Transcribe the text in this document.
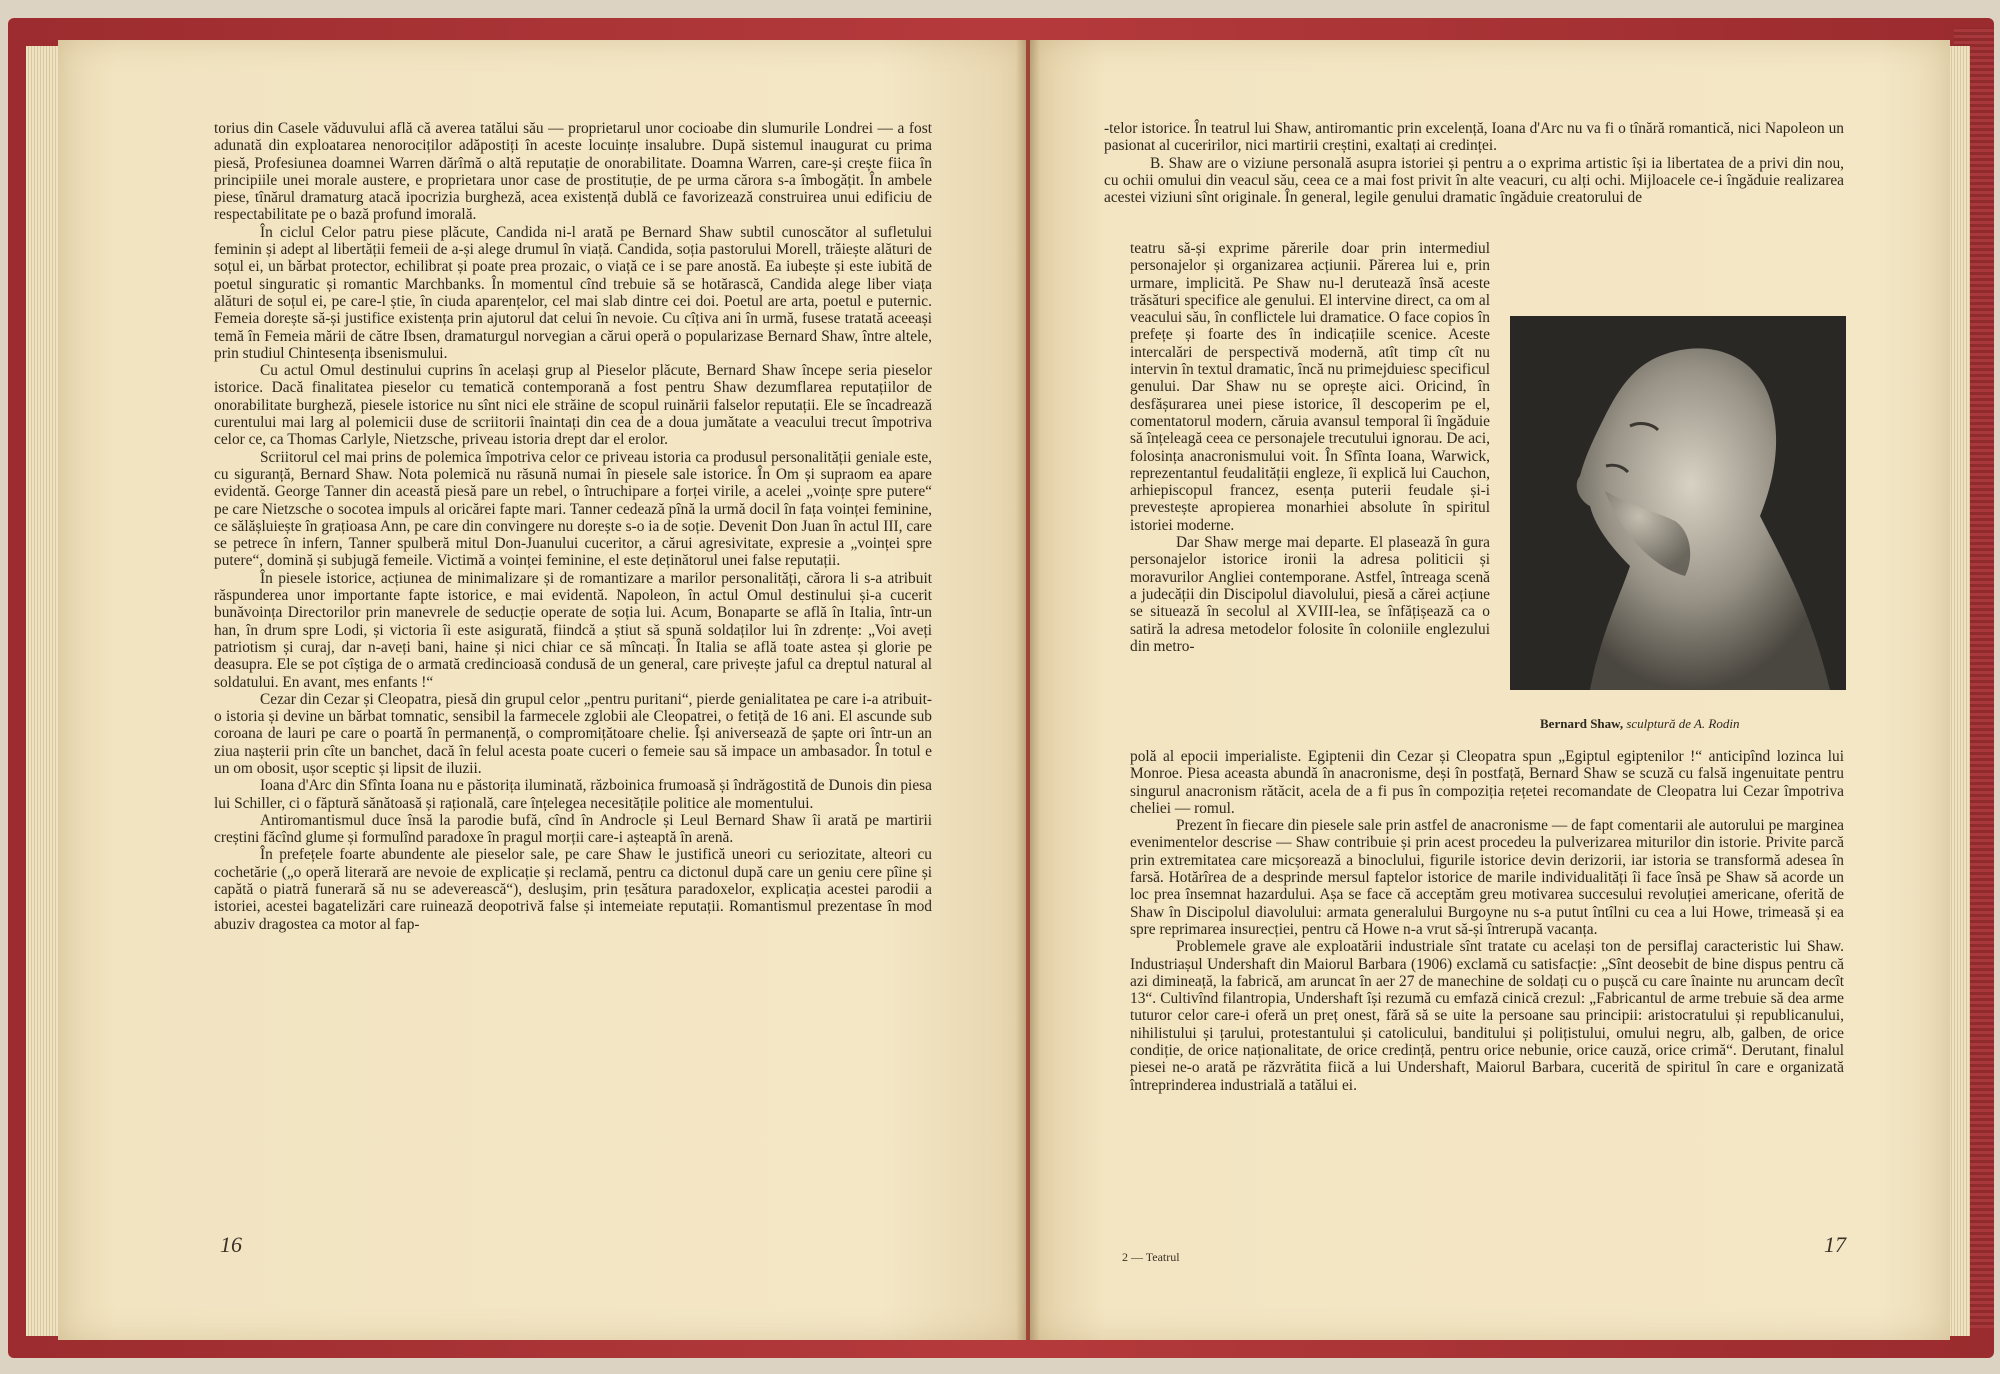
torius din Casele văduvului află că averea tatălui său — proprietarul unor cocioabe din slumurile Londrei — a fost adunată din exploatarea nenorociților adăpostiți în aceste locuințe insalubre. După sistemul inaugurat cu prima piesă, Profesiunea doamnei Warren dărîmă o altă reputație de onorabilitate. Doamna Warren, care-și crește fiica în principiile unei morale austere, e proprietara unor case de prostituție, de pe urma cărora s-a îmbogățit. În ambele piese, tînărul dramaturg atacă ipocrizia burgheză, acea existență dublă ce favorizează construirea unui edificiu de respectabilitate pe o bază profund imorală.

În ciclul Celor patru piese plăcute, Candida ni-l arată pe Bernard Shaw subtil cunoscător al sufletului feminin și adept al libertății femeii de a-și alege drumul în viață. Candida, soția pastorului Morell, trăiește alături de soțul ei, un bărbat protector, echilibrat și poate prea prozaic, o viață ce i se pare anostă. Ea iubește și este iubită de poetul singuratic și romantic Marchbanks. În momentul cînd trebuie să se hotărască, Candida alege liber viața alături de soțul ei, pe care-l știe, în ciuda aparențelor, cel mai slab dintre cei doi. Poetul are arta, poetul e puternic. Femeia dorește să-și justifice existența prin ajutorul dat celui în nevoie. Cu cîțiva ani în urmă, fusese tratată aceeași temă în Femeia mării de către Ibsen, dramaturgul norvegian a cărui operă o popularizase Bernard Shaw, între altele, prin studiul Chintesența ibsenismului.

Cu actul Omul destinului cuprins în același grup al Pieselor plăcute, Bernard Shaw începe seria pieselor istorice. Dacă finalitatea pieselor cu tematică contemporană a fost pentru Shaw dezumflarea reputațiilor de onorabilitate burgheză, piesele istorice nu sînt nici ele străine de scopul ruinării falselor reputații. Ele se încadrează curentului mai larg al polemicii duse de scriitorii înaintați din cea de a doua jumătate a veacului trecut împotriva celor ce, ca Thomas Carlyle, Nietzsche, priveau istoria drept dar el erolor.

Scriitorul cel mai prins de polemica împotriva celor ce priveau istoria ca produsul personalității geniale este, cu siguranță, Bernard Shaw. Nota polemică nu răsună numai în piesele sale istorice. În Om și supraom ea apare evidentă. George Tanner din această piesă pare un rebel, o întruchipare a forței virile, a acelei „voințe spre putere“ pe care Nietzsche o socotea impuls al oricărei fapte mari. Tanner cedează pînă la urmă docil în fața voinței feminine, ce sălășluiește în grațioasa Ann, pe care din convingere nu dorește s-o ia de soție. Devenit Don Juan în actul III, care se petrece în infern, Tanner spulberă mitul Don-Juanului cuceritor, a cărui agresivitate, expresie a „voinței spre putere“, domină și subjugă femeile. Victimă a voinței feminine, el este deținătorul unei false reputații.

În piesele istorice, acțiunea de minimalizare și de romantizare a marilor personalități, cărora li s-a atribuit răspunderea unor importante fapte istorice, e mai evidentă. Napoleon, în actul Omul destinului și-a cucerit bunăvoința Directorilor prin manevrele de seducție operate de soția lui. Acum, Bonaparte se află în Italia, într-un han, în drum spre Lodi, și victoria îi este asigurată, fiindcă a știut să spună soldaților lui în zdrențe: „Voi aveți patriotism și curaj, dar n-aveți bani, haine și nici chiar ce să mîncați. În Italia se află toate astea și glorie pe deasupra. Ele se pot cîștiga de o armată credincioasă condusă de un general, care privește jaful ca dreptul natural al soldatului. En avant, mes enfants !“

Cezar din Cezar și Cleopatra, piesă din grupul celor „pentru puritani“, pierde genialitatea pe care i-a atribuit-o istoria și devine un bărbat tomnatic, sensibil la farmecele zglobii ale Cleopatrei, o fetiță de 16 ani. El ascunde sub coroana de lauri pe care o poartă în permanență, o compromițătoare chelie. Își aniversează de șapte ori într-un an ziua nașterii prin cîte un banchet, dacă în felul acesta poate cuceri o femeie sau să impace un ambasador. În totul e un om obosit, ușor sceptic și lipsit de iluzii.

Ioana d'Arc din Sfînta Ioana nu e păstorița iluminată, războinica frumoasă și îndrăgostită de Dunois din piesa lui Schiller, ci o făptură sănătoasă și rațională, care înțelegea necesitățile politice ale momentului.

Antiromantismul duce însă la parodie bufă, cînd în Androcle și Leul Bernard Shaw îi arată pe martirii creștini făcînd glume și formulînd paradoxe în pragul morții care-i așteaptă în arenă.

În prefețele foarte abundente ale pieselor sale, pe care Shaw le justifică uneori cu seriozitate, alteori cu cochetărie („o operă literară are nevoie de explicație și reclamă, pentru ca dictonul după care un geniu cere pîine și capătă o piatră funerară să nu se adeverească“), desluşim, prin țesătura paradoxelor, explicația acestei parodii a istoriei, acestei bagatelizări care ruinează deopotrivă false și intemeiate reputații. Romantismul prezentase în mod abuziv dragostea ca motor al fap-

16

-telor istorice. În teatrul lui Shaw, antiromantic prin excelență, Ioana d'Arc nu va fi o tînără romantică, nici Napoleon un pasionat al cuceririlor, nici martirii creștini, exaltați ai credinței.

B. Shaw are o viziune personală asupra istoriei și pentru a o exprima artistic își ia libertatea de a privi din nou, cu ochii omului din veacul său, ceea ce a mai fost privit în alte veacuri, cu alți ochi. Mijloacele ce-i îngăduie realizarea acestei viziuni sînt originale. În general, legile genului dramatic îngăduie creatorului de

teatru să-și exprime părerile doar prin intermediul personajelor și organizarea acțiunii. Părerea lui e, prin urmare, implicită. Pe Shaw nu-l derutează însă aceste trăsături specifice ale genului. El intervine direct, ca om al veacului său, în conflictele lui dramatice. O face copios în prefețe și foarte des în indicațiile scenice. Aceste intercalări de perspectivă modernă, atît timp cît nu intervin în textul dramatic, încă nu primejduiesc specificul genului. Dar Shaw nu se oprește aici. Oricind, în desfășurarea unei piese istorice, îl descoperim pe el, comentatorul modern, căruia avansul temporal îi îngăduie să înțeleagă ceea ce personajele trecutului ignorau. De aci, folosința anacronismului voit. În Sfînta Ioana, Warwick, reprezentantul feudalității engleze, îi explică lui Cauchon, arhiepiscopul francez, esența puterii feudale și-i prevestește apropierea monarhiei absolute în spiritul istoriei moderne.

Dar Shaw merge mai departe. El plasează în gura personajelor istorice ironii la adresa politicii și moravurilor Angliei contemporane. Astfel, întreaga scenă a judecății din Discipolul diavolului, piesă a cărei acțiune se situează în secolul al XVIII-lea, se înfățișează ca o satiră la adresa metodelor folosite în coloniile englezului din metro-

Bernard Shaw, sculptură de A. Rodin

polă al epocii imperialiste. Egiptenii din Cezar și Cleopatra spun „Egiptul egiptenilor !“ anticipînd lozinca lui Monroe. Piesa aceasta abundă în anacronisme, deși în postfață, Bernard Shaw se scuză cu falsă ingenuitate pentru singurul anacronism rătăcit, acela de a fi pus în compoziția rețetei recomandate de Cleopatra lui Cezar împotriva cheliei — romul.

Prezent în fiecare din piesele sale prin astfel de anacronisme — de fapt comentarii ale autorului pe marginea evenimentelor descrise — Shaw contribuie și prin acest procedeu la pulverizarea miturilor din istorie. Privite parcă prin extremitatea care micșorează a binoclului, figurile istorice devin derizorii, iar istoria se transformă adesea în farsă. Hotărîrea de a desprinde mersul faptelor istorice de marile individualități îi face însă pe Shaw să acorde un loc prea însemnat hazardului. Așa se face că acceptăm greu motivarea succesului revoluției americane, oferită de Shaw în Discipolul diavolului: armata generalului Burgoyne nu s-a putut întîlni cu cea a lui Howe, trimeasă și ea spre reprimarea insurecției, pentru că Howe n-a vrut să-și întrerupă vacanța.

Problemele grave ale exploatării industriale sînt tratate cu același ton de persiflaj caracteristic lui Shaw. Industriașul Undershaft din Maiorul Barbara (1906) exclamă cu satisfacție: „Sînt deosebit de bine dispus pentru că azi dimineață, la fabrică, am aruncat în aer 27 de manechine de soldați cu o pușcă cu care înainte nu aruncam decît 13“. Cultivînd filantropia, Undershaft își rezumă cu emfază cinică crezul: „Fabricantul de arme trebuie să dea arme tuturor celor care-i oferă un preț onest, fără să se uite la persoane sau principii: aristocratului și republicanului, nihilistului și țarului, protestantului și catolicului, banditului și polițistului, omului negru, alb, galben, de orice condiție, de orice naționalitate, de orice credință, pentru orice nebunie, orice cauză, orice crimă“. Derutant, finalul piesei ne-o arată pe răzvrătita fiică a lui Undershaft, Maiorul Barbara, cucerită de spiritul în care e organizată întreprinderea industrială a tatălui ei.

2 — Teatrul	17
